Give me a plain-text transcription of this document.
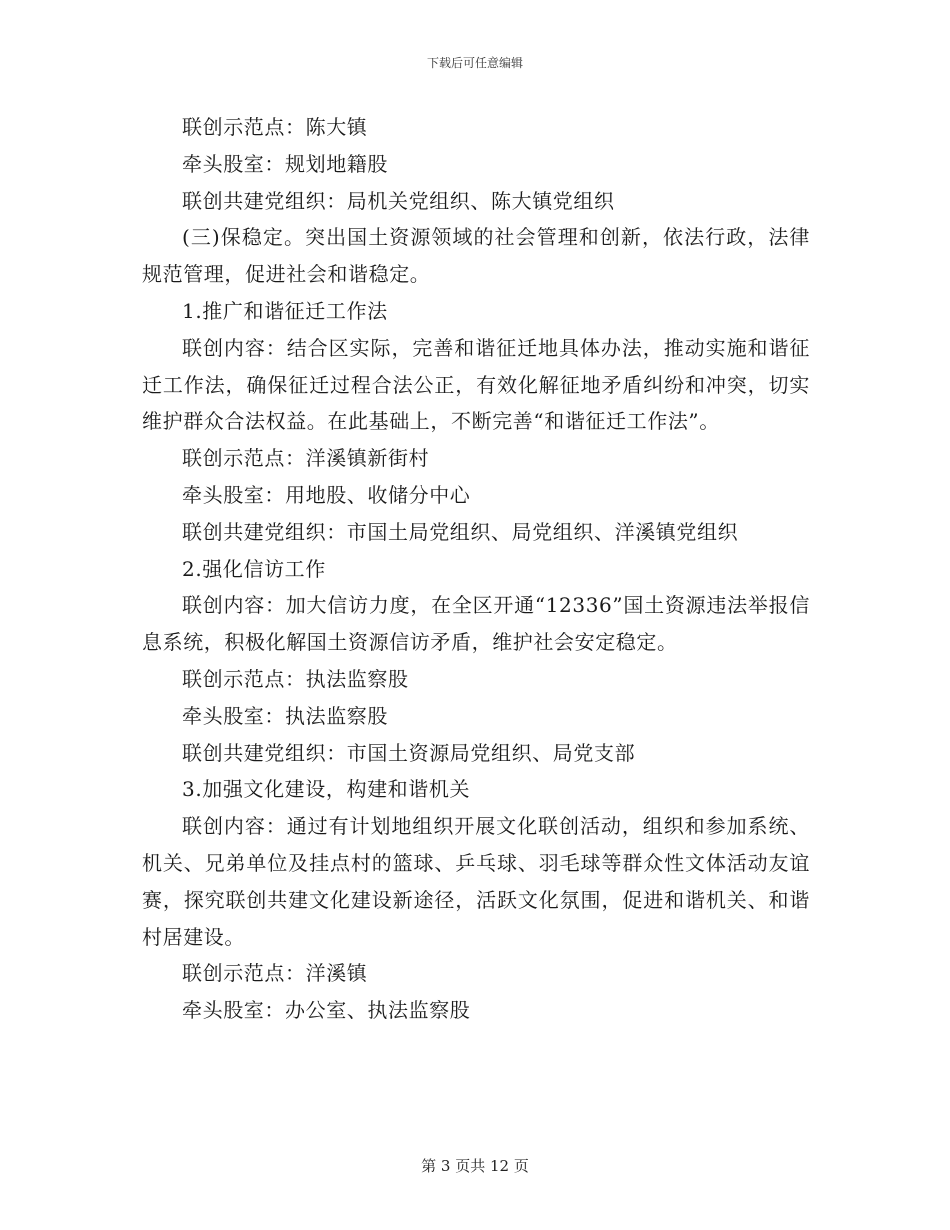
下载后可任意编辑

联创示范点：陈大镇

牵头股室：规划地籍股

联创共建党组织：局机关党组织、陈大镇党组织

(三)保稳定。突出国土资源领域的社会管理和创新，依法行政，法律规范管理，促进社会和谐稳定。

1.推广和谐征迁工作法

联创内容：结合区实际，完善和谐征迁地具体办法，推动实施和谐征迁工作法，确保征迁过程合法公正，有效化解征地矛盾纠纷和冲突，切实维护群众合法权益。在此基础上，不断完善“和谐征迁工作法”。

联创示范点：洋溪镇新街村

牵头股室：用地股、收储分中心

联创共建党组织：市国土局党组织、局党组织、洋溪镇党组织

2.强化信访工作

联创内容：加大信访力度，在全区开通“12336”国土资源违法举报信息系统，积极化解国土资源信访矛盾，维护社会安定稳定。

联创示范点：执法监察股

牵头股室：执法监察股

联创共建党组织：市国土资源局党组织、局党支部

3.加强文化建设，构建和谐机关

联创内容：通过有计划地组织开展文化联创活动，组织和参加系统、机关、兄弟单位及挂点村的篮球、乒乓球、羽毛球等群众性文体活动友谊赛，探究联创共建文化建设新途径，活跃文化氛围，促进和谐机关、和谐村居建设。

联创示范点：洋溪镇

牵头股室：办公室、执法监察股

第 3 页共 12 页
